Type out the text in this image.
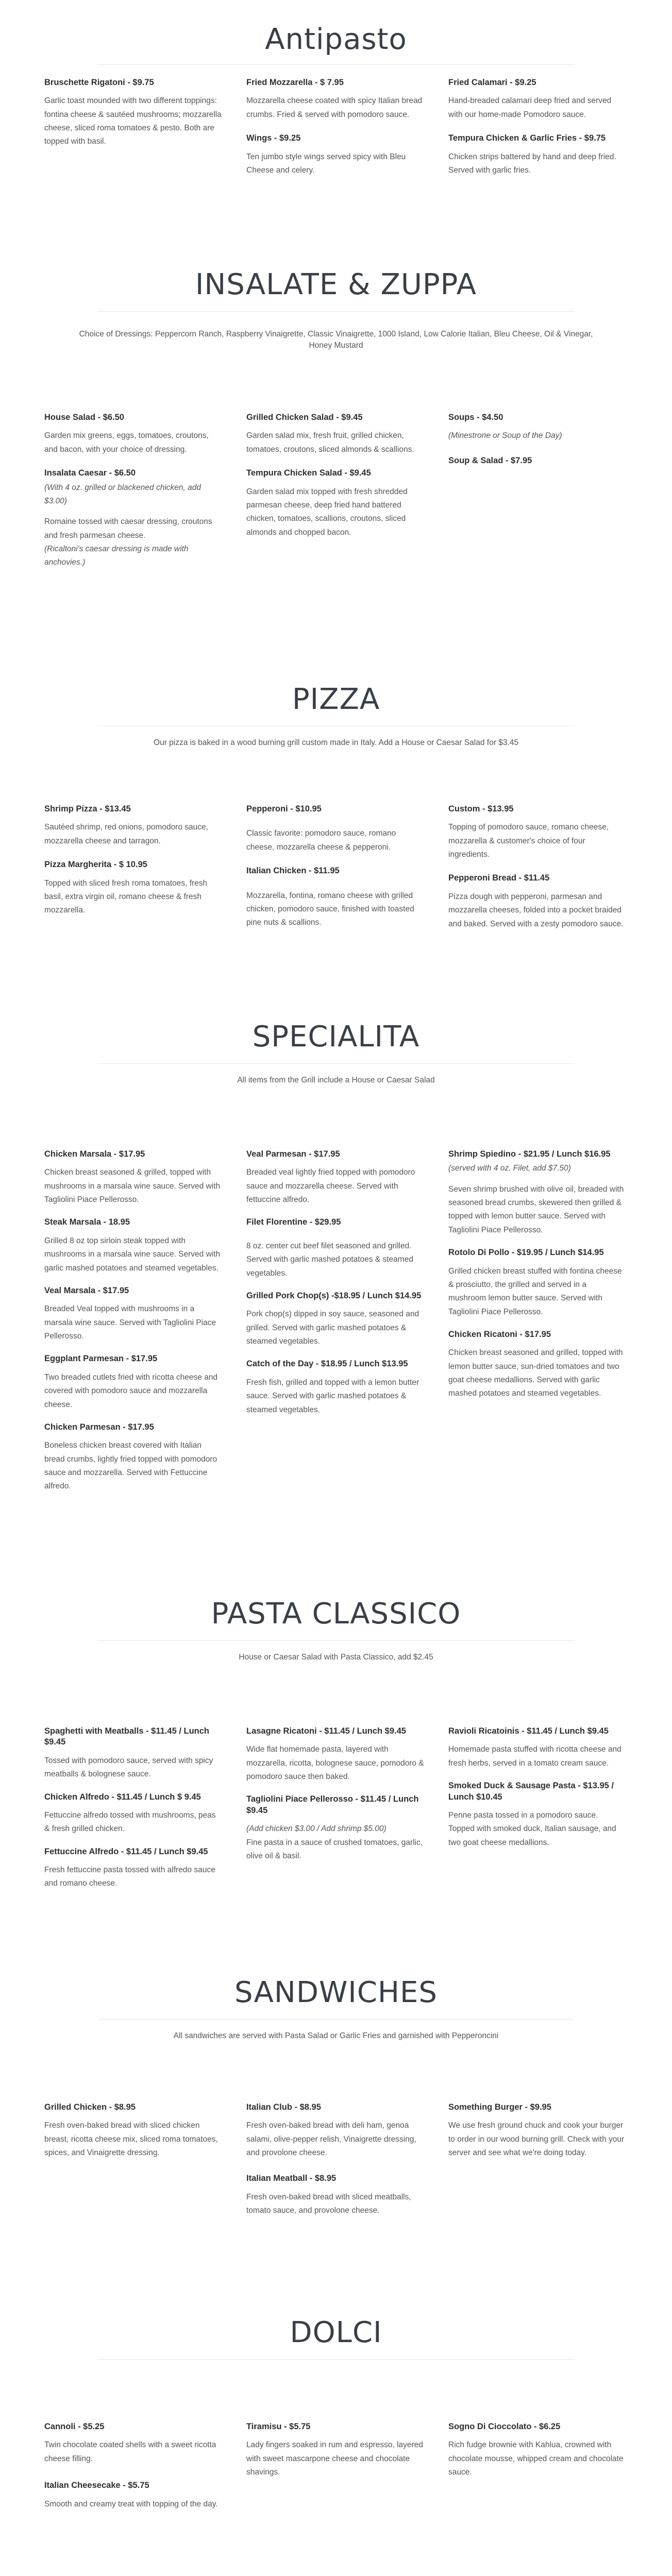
Antipasto
Bruschette Rigatoni - $9.75
Garlic toast mounded with two different toppings: fontina cheese & sautéed mushrooms; mozzarella cheese, sliced roma tomatoes & pesto. Both are topped with basil.
Fried Mozzarella - $ 7.95
Mozzarella cheese coated with spicy Italian bread crumbs. Fried & served with pomodoro sauce.
Wings - $9.25
Ten jumbo style wings served spicy with Bleu Cheese and celery.
Fried Calamari - $9.25
Hand-breaded calamari deep fried and served with our home-made Pomodoro sauce.
Tempura Chicken & Garlic Fries - $9.75
Chicken strips battered by hand and deep fried. Served with garlic fries.
INSALATE & ZUPPA
Choice of Dressings: Peppercorn Ranch, Raspberry Vinaigrette, Classic Vinaigrette, 1000 Island, Low Calorie Italian, Bleu Cheese, Oil & Vinegar, Honey Mustard
House Salad - $6.50
Garden mix greens, eggs, tomatoes, croutons, and bacon, with your choice of dressing.
Insalata Caesar - $6.50
(With 4 oz. grilled or blackened chicken, add $3.00)
Romaine tossed with caesar dressing, croutons and fresh parmesan cheese.
(Ricaltoni's caesar dressing is made with anchovies.)
Grilled Chicken Salad - $9.45
Garden salad mix, fresh fruit, grilled chicken, tomatoes, croutons, sliced almonds & scallions.
Tempura Chicken Salad - $9.45
Garden salad mix topped with fresh shredded parmesan cheese, deep fried hand battered chicken, tomatoes, scallions, croutons, sliced almonds and chopped bacon.
Soups - $4.50
(Minestrone or Soup of the Day)
Soup & Salad - $7.95
PIZZA
Our pizza is baked in a wood burning grill custom made in Italy. Add a House or Caesar Salad for $3.45
Shrimp Pizza - $13.45
Sautéed shrimp, red onions, pomodoro sauce, mozzarella cheese and tarragon.
Pizza Margherita - $ 10.95
Topped with sliced fresh roma tomatoes, fresh basil, extra virgin oil, romano cheese & fresh mozzarella.
Pepperoni - $10.95
Classic favorite: pomodoro sauce, romano cheese, mozzarella cheese & pepperoni.
Italian Chicken - $11.95
Mozzarella, fontina, romano cheese with grilled chicken, pomodoro sauce, finished with toasted pine nuts & scallions.
Custom - $13.95
Topping of pomodoro sauce, romano cheese, mozzarella & customer's choice of four ingredients.
Pepperoni Bread - $11.45
Pizza dough with pepperoni, parmesan and mozzarella cheeses, folded into a pocket braided and baked. Served with a zesty pomodoro sauce.
SPECIALITA
All items from the Grill include a House or Caesar Salad
Chicken Marsala - $17.95
Chicken breast seasoned & grilled, topped with mushrooms in a marsala wine sauce. Served with Tagliolini Piace Pellerosso.
Steak Marsala - 18.95
Grilled 8 oz top sirloin steak topped with mushrooms in a marsala wine sauce. Served with garlic mashed potatoes and steamed vegetables.
Veal Marsala - $17.95
Breaded Veal topped with mushrooms in a marsala wine sauce. Served with Tagliolini Piace Pellerosso.
Eggplant Parmesan - $17.95
Two breaded cutlets fried with ricotta cheese and covered with pomodoro sauce and mozzarella cheese.
Chicken Parmesan - $17.95
Boneless chicken breast covered with Italian bread crumbs, lightly fried topped with pomodoro sauce and mozzarella. Served with Fettuccine alfredo.
Veal Parmesan - $17.95
Breaded veal lightly fried topped with pomodoro sauce and mozzarella cheese. Served with fettuccine alfredo.
Filet Florentine - $29.95
8 oz. center cut beef filet seasoned and grilled. Served with garlic mashed potatoes & steamed vegetables.
Grilled Pork Chop(s) -$18.95 / Lunch $14.95
Pork chop(s) dipped in soy sauce, seasoned and grilled. Served with garlic mashed potatoes & steamed vegetables.
Catch of the Day - $18.95 / Lunch $13.95
Fresh fish, grilled and topped with a lemon butter sauce. Served with garlic mashed potatoes & steamed vegetables.
Shrimp Spiedino - $21.95 / Lunch $16.95
(served with 4 oz. Filet, add $7.50)
Seven shrimp brushed with olive oil, breaded with seasoned bread crumbs, skewered then grilled & topped with lemon butter sauce. Served with Tagliolini Piace Pellerosso.
Rotolo Di Pollo - $19.95 / Lunch $14.95
Grilled chicken breast stuffed with fontina cheese & prosciutto, the grilled and served in a mushroom lemon butter sauce. Served with Tagliolini Piace Pellerosso.
Chicken Ricatoni - $17.95
Chicken breast seasoned and grilled, topped with lemon butter sauce, sun-dried tomatoes and two goat cheese medallions. Served with garlic mashed potatoes and steamed vegetables.
PASTA CLASSICO
House or Caesar Salad with Pasta Classico, add $2.45
Spaghetti with Meatballs - $11.45 / Lunch $9.45
Tossed with pomodoro sauce, served with spicy meatballs & bolognese sauce.
Chicken Alfredo - $11.45 / Lunch $ 9.45
Fettuccine alfredo tossed with mushrooms, peas & fresh grilled chicken.
Fettuccine Alfredo - $11.45 / Lunch $9.45
Fresh fettuccine pasta tossed with alfredo sauce and romano cheese.
Lasagne Ricatoni - $11.45 / Lunch $9.45
Wide flat homemade pasta, layered with mozzarella, ricotta, bolognese sauce, pomodoro & pomodoro sauce then baked.
Tagliolini Piace Pellerosso - $11.45 / Lunch $9.45
(Add chicken $3.00 / Add shrimp $5.00)
Fine pasta in a sauce of crushed tomatoes, garlic, olive oil & basil.
Ravioli Ricatoinis - $11.45 / Lunch $9.45
Homemade pasta stuffed with ricotta cheese and fresh herbs, served in a tomato cream sauce.
Smoked Duck & Sausage Pasta - $13.95 / Lunch $10.45
Penne pasta tossed in a pomodoro sauce. Topped with smoked duck, Italian sausage, and two goat cheese medallions.
SANDWICHES
All sandwiches are served with Pasta Salad or Garlic Fries and garnished with Pepperoncini
Grilled Chicken - $8.95
Fresh oven-baked bread with sliced chicken breast, ricotta cheese mix, sliced roma tomatoes, spices, and Vinaigrette dressing.
Italian Club - $8.95
Fresh oven-baked bread with deli ham, genoa salami, olive-pepper relish, Vinaigrette dressing, and provolone cheese.
Italian Meatball - $8.95
Fresh oven-baked bread with sliced meatballs, tomato sauce, and provolone cheese.
Something Burger - $9.95
We use fresh ground chuck and cook your burger to order in our wood burning grill. Check with your server and see what we're doing today.
DOLCI
Cannoli - $5.25
Twin chocolate coated shells with a sweet ricotta cheese filling.
Italian Cheesecake - $5.75
Smooth and creamy treat with topping of the day.
Tiramisu - $5.75
Lady fingers soaked in rum and espresso, layered with sweet mascarpone cheese and chocolate shavings.
Sogno Di Cioccolato - $6.25
Rich fudge brownie with Kahlua, crowned with chocolate mousse, whipped cream and chocolate sauce.
